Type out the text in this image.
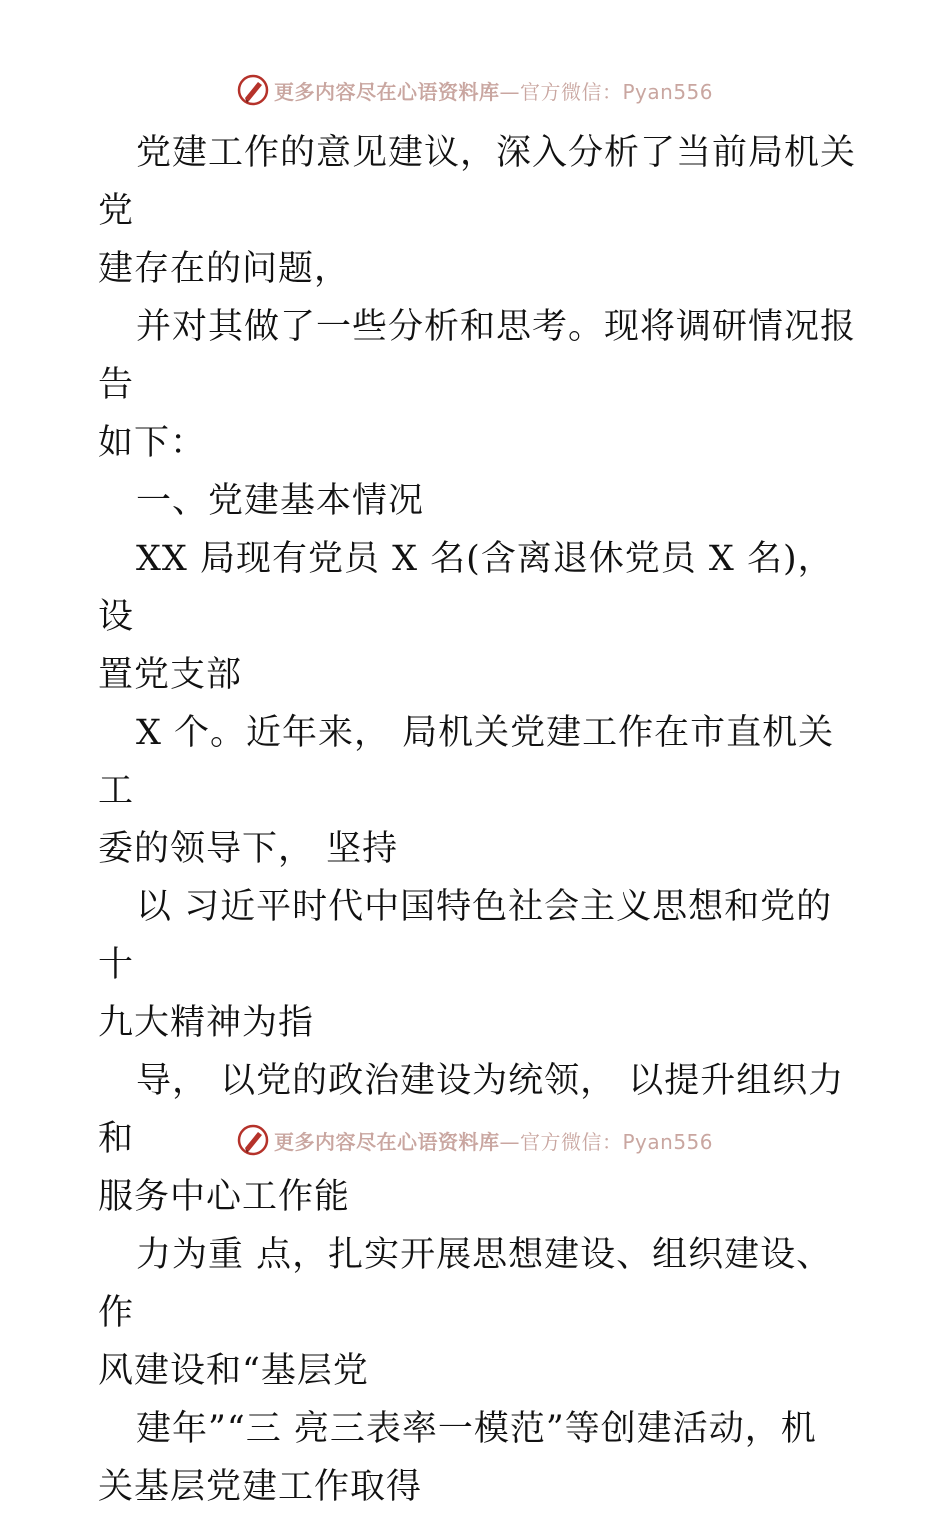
更多内容尽在心语资料库 —官方微信：Pyan556

党建工作的意见建议，深入分析了当前局机关党
建存在的问题，

并对其做了一些分析和思考。现将调研情况报告
如下：

一、党建基本情况

XX 局现有党员 X 名(含离退休党员 X 名)，设
置党支部

X 个。近年来， 局机关党建工作在市直机关工
委的领导下， 坚持

以 习近平时代中国特色社会主义思想和党的十
九大精神为指

导， 以党的政治建设为统领， 以提升组织力和
服务中心工作能

力为重 点，扎实开展思想建设、组织建设、作
风建设和“基层党

建年”“三 亮三表率一模范”等创建活动，机
关基层党建工作取得

更多内容尽在心语资料库 —官方微信：Pyan556
